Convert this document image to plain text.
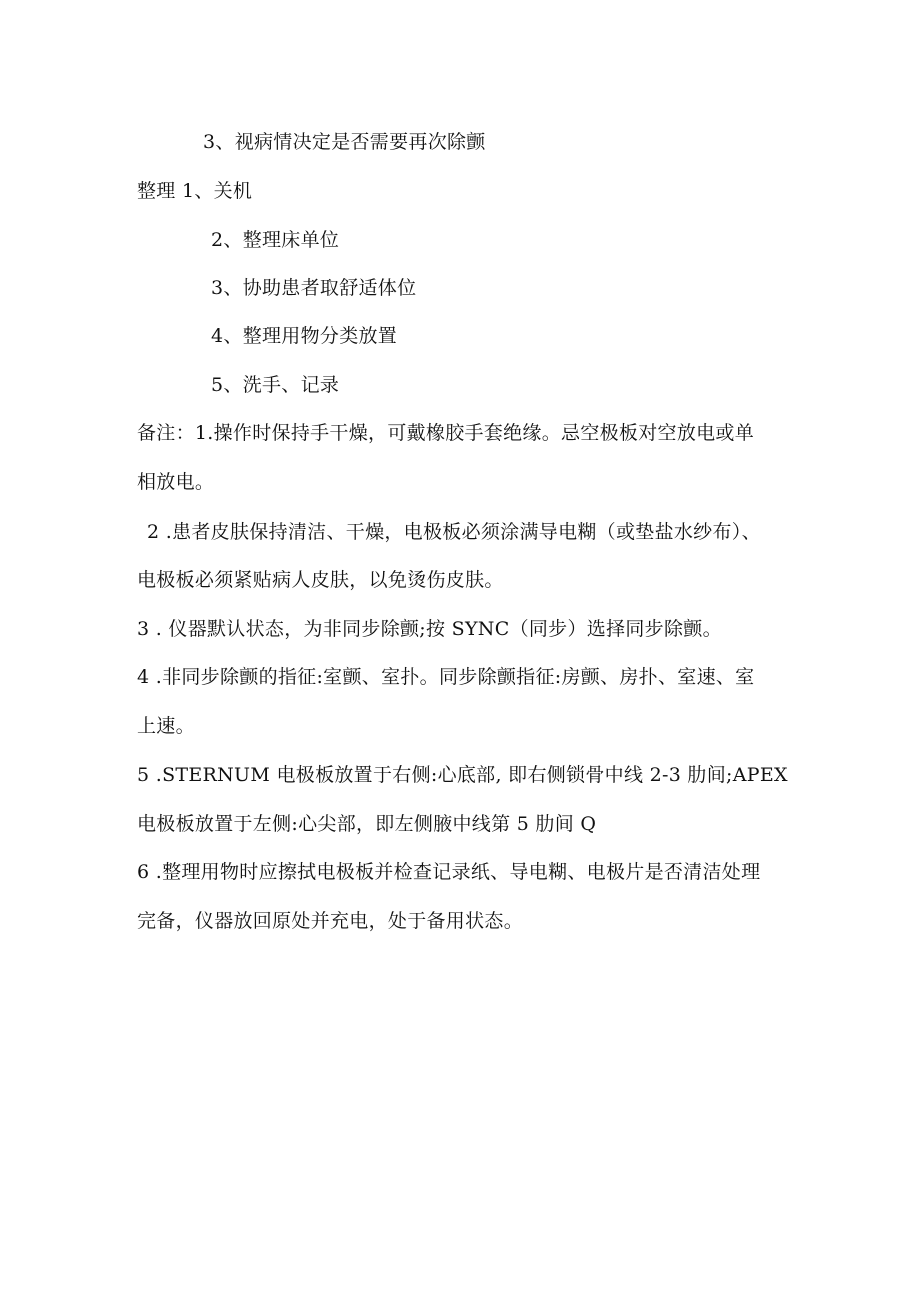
3、视病情决定是否需要再次除颤
整理 1、关机
2、整理床单位
3、协助患者取舒适体位
4、整理用物分类放置
5、洗手、记录
备注：1.操作时保持手干燥，可戴橡胶手套绝缘。忌空极板对空放电或单
相放电。
2 .患者皮肤保持清洁、干燥，电极板必须涂满导电糊（或垫盐水纱布）、
电极板必须紧贴病人皮肤，以免烫伤皮肤。
3 . 仪器默认状态，为非同步除颤;按 SYNC（同步）选择同步除颤。
4 .非同步除颤的指征:室颤、室扑。同步除颤指征:房颤、房扑、室速、室
上速。
5 .STERNUM 电极板放置于右侧:心底部, 即右侧锁骨中线 2-3 肋间;APEX
电极板放置于左侧:心尖部，即左侧腋中线第 5 肋间 Q
6 .整理用物时应擦拭电极板并检查记录纸、导电糊、电极片是否清洁处理
完备，仪器放回原处并充电，处于备用状态。
